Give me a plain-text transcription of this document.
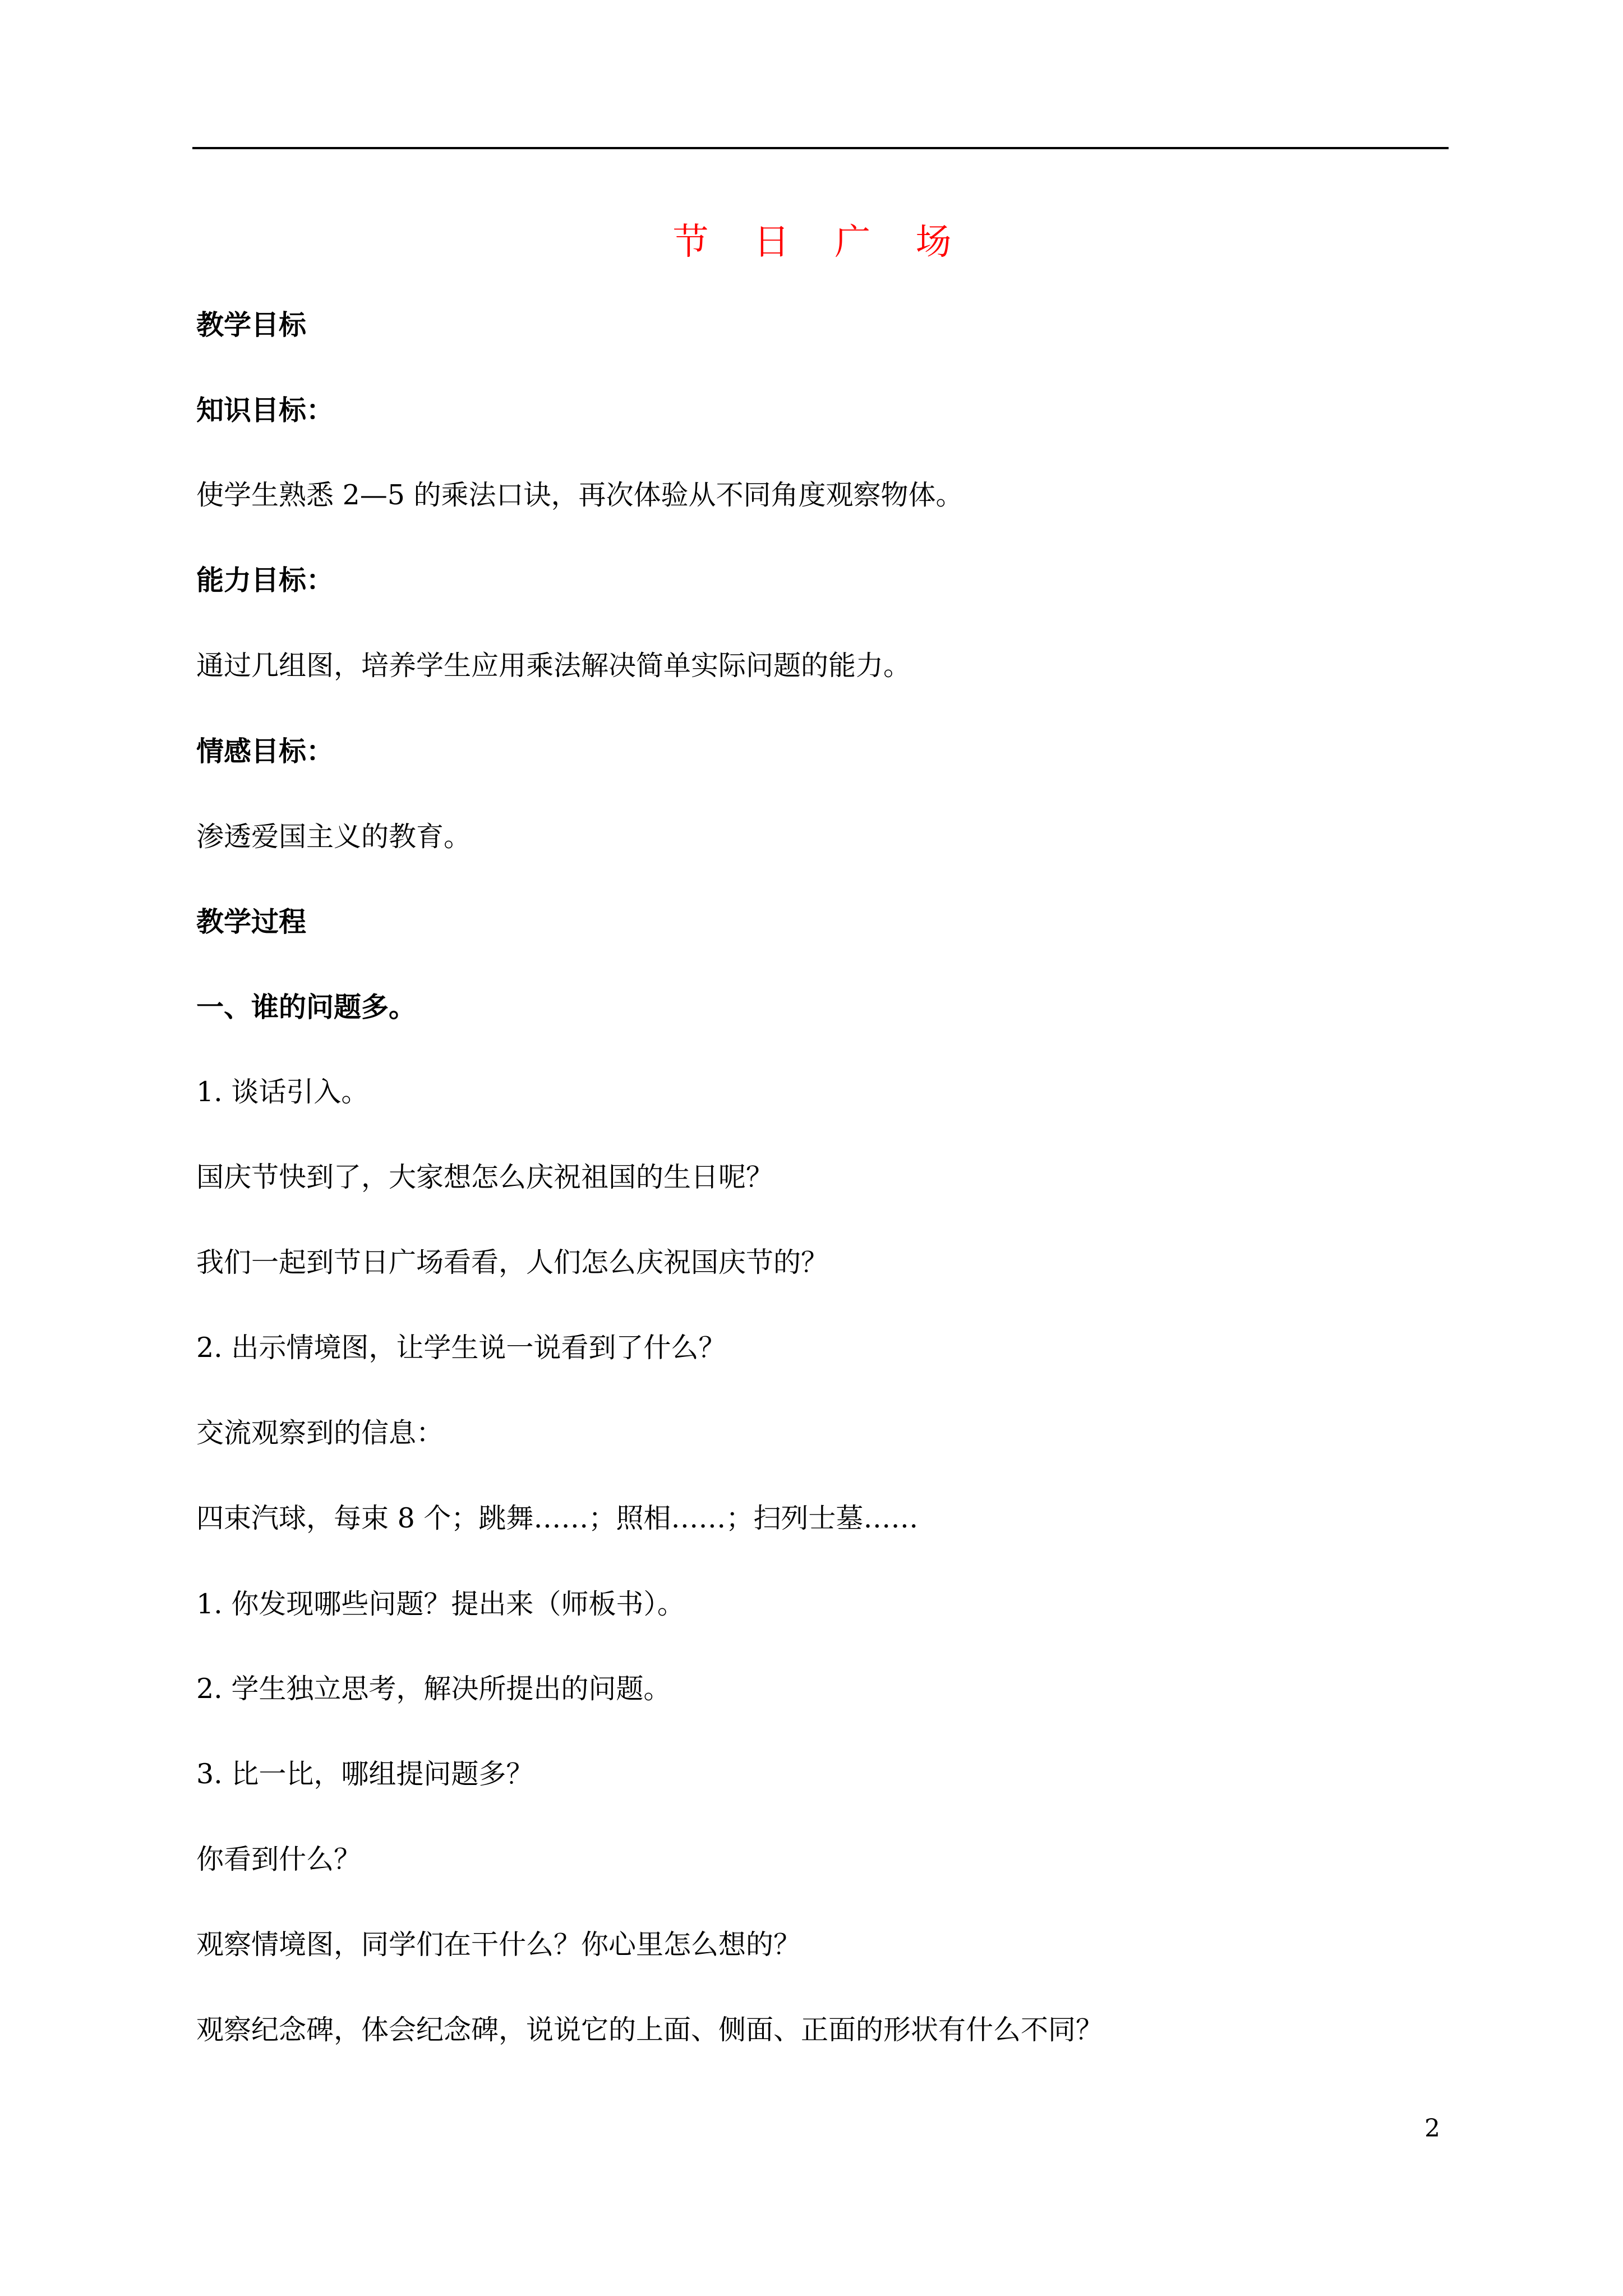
节 日 广 场
教学目标
知识目标：
使学生熟悉 2—5 的乘法口诀，再次体验从不同角度观察物体。
能力目标：
通过几组图，培养学生应用乘法解决简单实际问题的能力。
情感目标：
渗透爱国主义的教育。
教学过程
一、谁的问题多。
1. 谈话引入。
国庆节快到了，大家想怎么庆祝祖国的生日呢？
我们一起到节日广场看看，人们怎么庆祝国庆节的？
2. 出示情境图，让学生说一说看到了什么？
交流观察到的信息：
四束汽球，每束 8 个；跳舞……；照相……；扫列士墓……
1. 你发现哪些问题？提出来（师板书）。
2. 学生独立思考，解决所提出的问题。
3. 比一比，哪组提问题多？
你看到什么？
观察情境图，同学们在干什么？你心里怎么想的？
观察纪念碑，体会纪念碑，说说它的上面、侧面、正面的形状有什么不同？
2
